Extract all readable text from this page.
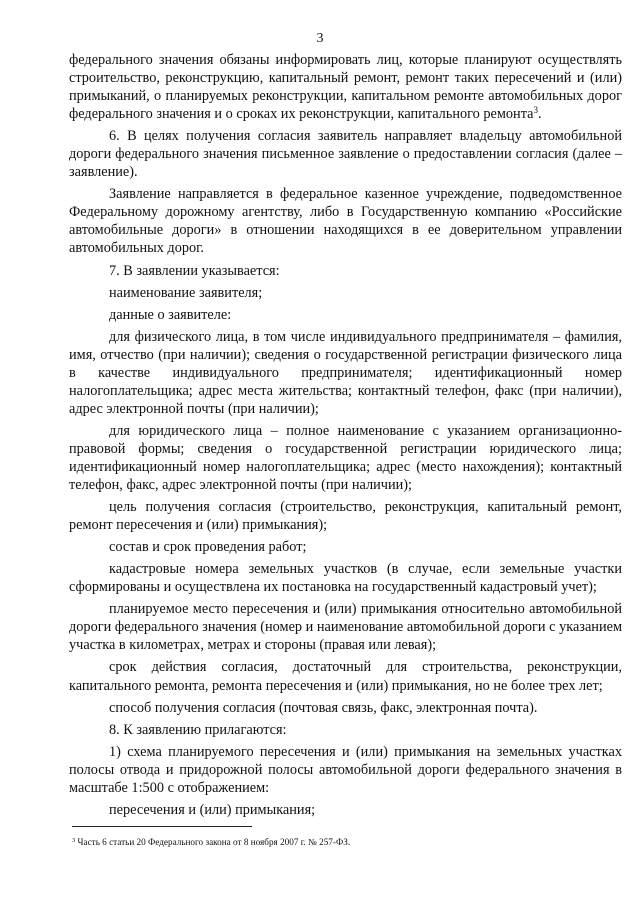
3

федерального значения обязаны информировать лиц, которые планируют осуществлять строительство, реконструкцию, капитальный ремонт, ремонт таких пересечений и (или) примыканий, о планируемых реконструкции, капитальном ремонте автомобильных дорог федерального значения и о сроках их реконструкции, капитального ремонта$^3$.

6. В целях получения согласия заявитель направляет владельцу автомобильной дороги федерального значения письменное заявление о предоставлении согласия (далее – заявление).

Заявление направляется в федеральное казенное учреждение, подведомственное Федеральному дорожному агентству, либо в Государственную компанию «Российские автомобильные дороги» в отношении находящихся в ее доверительном управлении автомобильных дорог.

7. В заявлении указывается:

наименование заявителя;

данные о заявителе:

для физического лица, в том числе индивидуального предпринимателя – фамилия, имя, отчество (при наличии); сведения о государственной регистрации физического лица в качестве индивидуального предпринимателя; идентификационный номер налогоплательщика; адрес места жительства; контактный телефон, факс (при наличии), адрес электронной почты (при наличии);

для юридического лица – полное наименование с указанием организационно-правовой формы; сведения о государственной регистрации юридического лица; идентификационный номер налогоплательщика; адрес (место нахождения); контактный телефон, факс, адрес электронной почты (при наличии);

цель получения согласия (строительство, реконструкция, капитальный ремонт, ремонт пересечения и (или) примыкания);

состав и срок проведения работ;

кадастровые номера земельных участков (в случае, если земельные участки сформированы и осуществлена их постановка на государственный кадастровый учет);

планируемое место пересечения и (или) примыкания относительно автомобильной дороги федерального значения (номер и наименование автомобильной дороги с указанием участка в километрах, метрах и стороны (правая или левая);

срок действия согласия, достаточный для строительства, реконструкции, капитального ремонта, ремонта пересечения и (или) примыкания, но не более трех лет;

способ получения согласия (почтовая связь, факс, электронная почта).

8. К заявлению прилагаются:

1) схема планируемого пересечения и (или) примыкания на земельных участках полосы отвода и придорожной полосы автомобильной дороги федерального значения в масштабе 1:500 с отображением:

пересечения и (или) примыкания;

$^3$ Часть 6 статьи 20 Федерального закона от 8 ноября 2007 г. № 257-ФЗ.
